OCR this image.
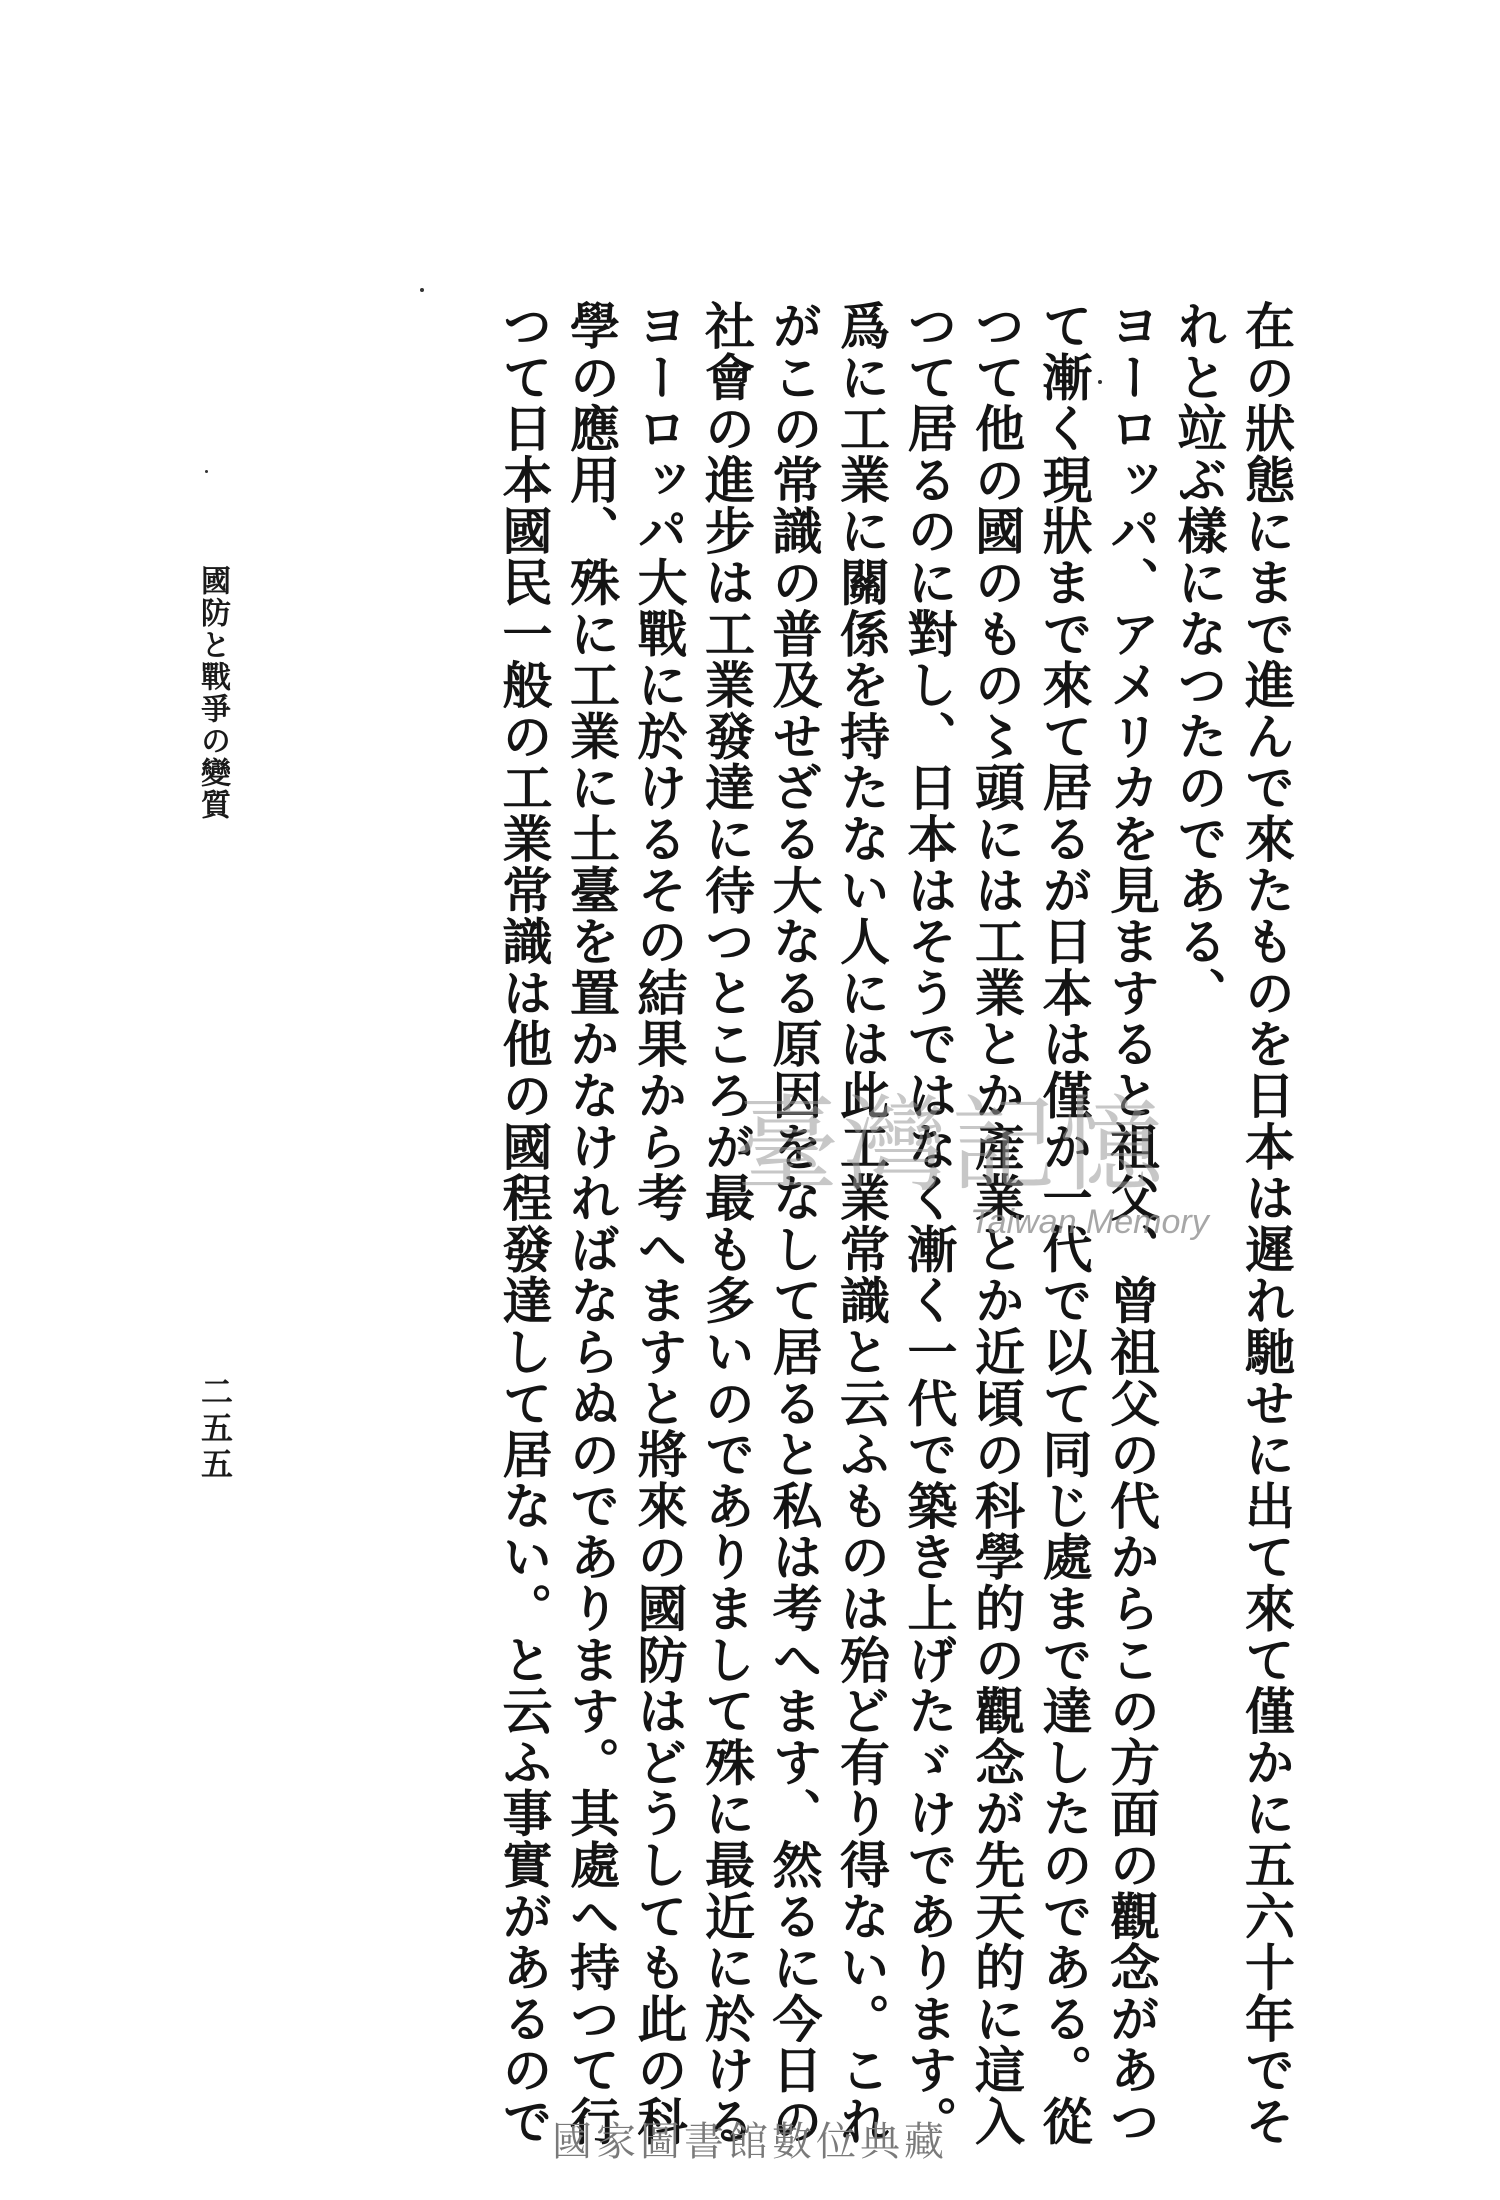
在の狀態にまで進んで來たものを日本は遲れ馳せに出て來て僅かに五六十年でそ

れと竝ぶ樣になつたのである、

ヨーロッパ、アメリカを見ますると祖父、曾祖父の代からこの方面の觀念があつ

て漸く現狀まで來て居るが日本は僅か一代で以て同じ處まで達したのである。從

つて他の國のもの〻頭には工業とか產業とか近頃の科學的の觀念が先天的に這入

つて居るのに對し、日本はそうではなく漸く一代で築き上げたゞけであります。

爲に工業に關係を持たない人には此工業常識と云ふものは殆ど有り得ない。これ

がこの常識の普及せざる大なる原因をなして居ると私は考へます、然るに今日の

社會の進步は工業發達に待つところが最も多いのでありまして殊に最近に於ける

ヨーロッパ大戰に於けるその結果から考へますと將來の國防はどうしても此の科

學の應用、殊に工業に土臺を置かなければならぬのであります。其處へ持つて行

つて日本國民一般の工業常識は他の國程發達して居ない。と云ふ事實があるので

國防と戰爭の變質
二五五
臺灣記憶
Taiwan Memory
國家圖書館數位典藏
